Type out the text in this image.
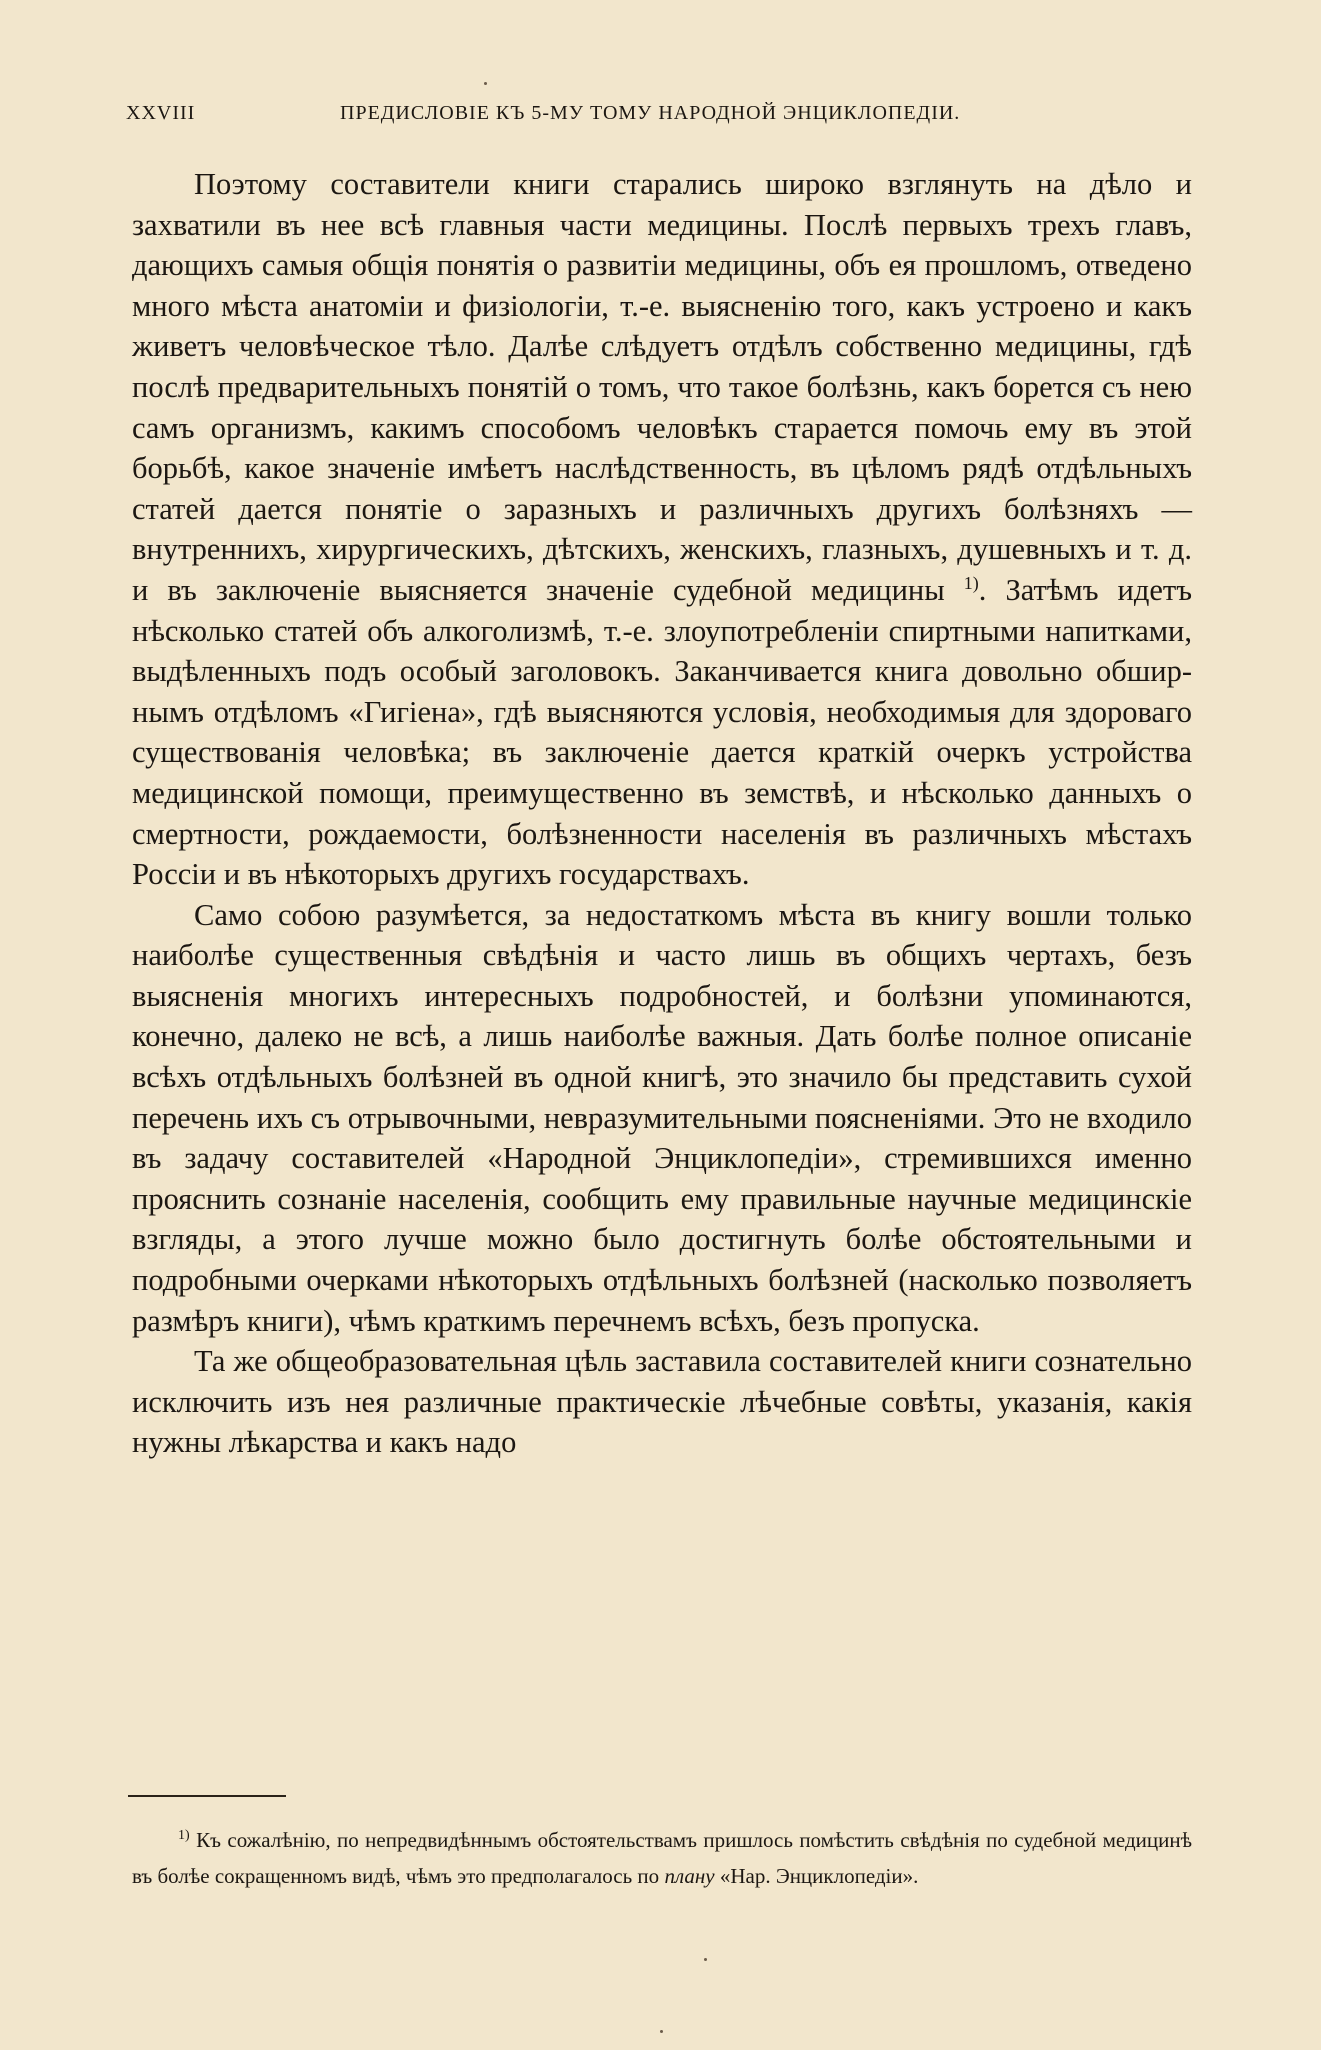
XXVIII	ПРЕДИСЛОВІЕ КЪ 5-МУ ТОМУ НАРОДНОЙ ЭНЦИКЛОПЕДІИ.

Поэтому составители книги старались широко взглянуть на дѣло и захватили въ нее всѣ главныя части медицины. Послѣ первыхъ трехъ главъ, дающихъ самыя общія понятія о развитіи медицины, объ ея прошломъ, отведено много мѣста анатоміи и физіологіи, т.-е. выясненію того, какъ устроено и какъ живетъ человѣческое тѣло. Далѣе слѣдуетъ отдѣлъ собственно медицины, гдѣ послѣ предварительныхъ понятій о томъ, что такое болѣзнь, какъ борется съ нею самъ организмъ, какимъ способомъ человѣкъ старается помочь ему въ этой борьбѣ, какое значеніе имѣетъ наслѣдственность, въ цѣломъ рядѣ отдѣльныхъ статей дается понятіе о заразныхъ и различныхъ другихъ болѣзняхъ — внутреннихъ, хирургическихъ, дѣтскихъ, женскихъ, глазныхъ, душевныхъ и т. д. и въ заключеніе выясняется значеніе судебной медицины $^{1)}$. Затѣмъ идетъ нѣсколько статей объ алкоголизмѣ, т.-е. злоупотребленіи спиртными напитками, выдѣленныхъ подъ особый заголовокъ. Заканчивается книга довольно обширнымъ отдѣломъ «Гигіена», гдѣ выясняются условія, необходимыя для здороваго существованія человѣка; въ заключеніе дается краткій очеркъ устройства медицинской помощи, преимущественно въ земствѣ, и нѣсколько данныхъ о смертности, рождаемости, болѣзненности населенія въ различныхъ мѣстахъ Россіи и въ нѣкоторыхъ другихъ государствахъ.

Само собою разумѣется, за недостаткомъ мѣста въ книгу вошли только наиболѣе существенныя свѣдѣнія и часто лишь въ общихъ чертахъ, безъ выясненія многихъ интересныхъ подробностей, и болѣзни упоминаются, конечно, далеко не всѣ, а лишь наиболѣе важныя. Дать болѣе полное описаніе всѣхъ отдѣльныхъ болѣзней въ одной книгѣ, это значило бы представить сухой перечень ихъ съ отрывочными, невразумительными поясненіями. Это не входило въ задачу составителей «Народной Энциклопедіи», стремившихся именно прояснить сознаніе населенія, сообщить ему правильные научные медицинскіе взгляды, а этого лучше можно было достигнуть болѣе обстоятельными и подробными очерками нѣкоторыхъ отдѣльныхъ болѣзней (насколько позволяетъ размѣръ книги), чѣмъ краткимъ перечнемъ всѣхъ, безъ пропуска.

Та же общеобразовательная цѣль заставила составителей книги сознательно исключить изъ нея различные практическіе лѣчебные совѣты, указанія, какія нужны лѣкарства и какъ надо

$^{1)}$ Къ сожалѣнію, по непредвидѣннымъ обстоятельствамъ пришлось помѣстить свѣдѣнія по судебной медицинѣ въ болѣе сокращенномъ видѣ, чѣмъ это предполагалось по плану «Нар. Энциклопедіи».
